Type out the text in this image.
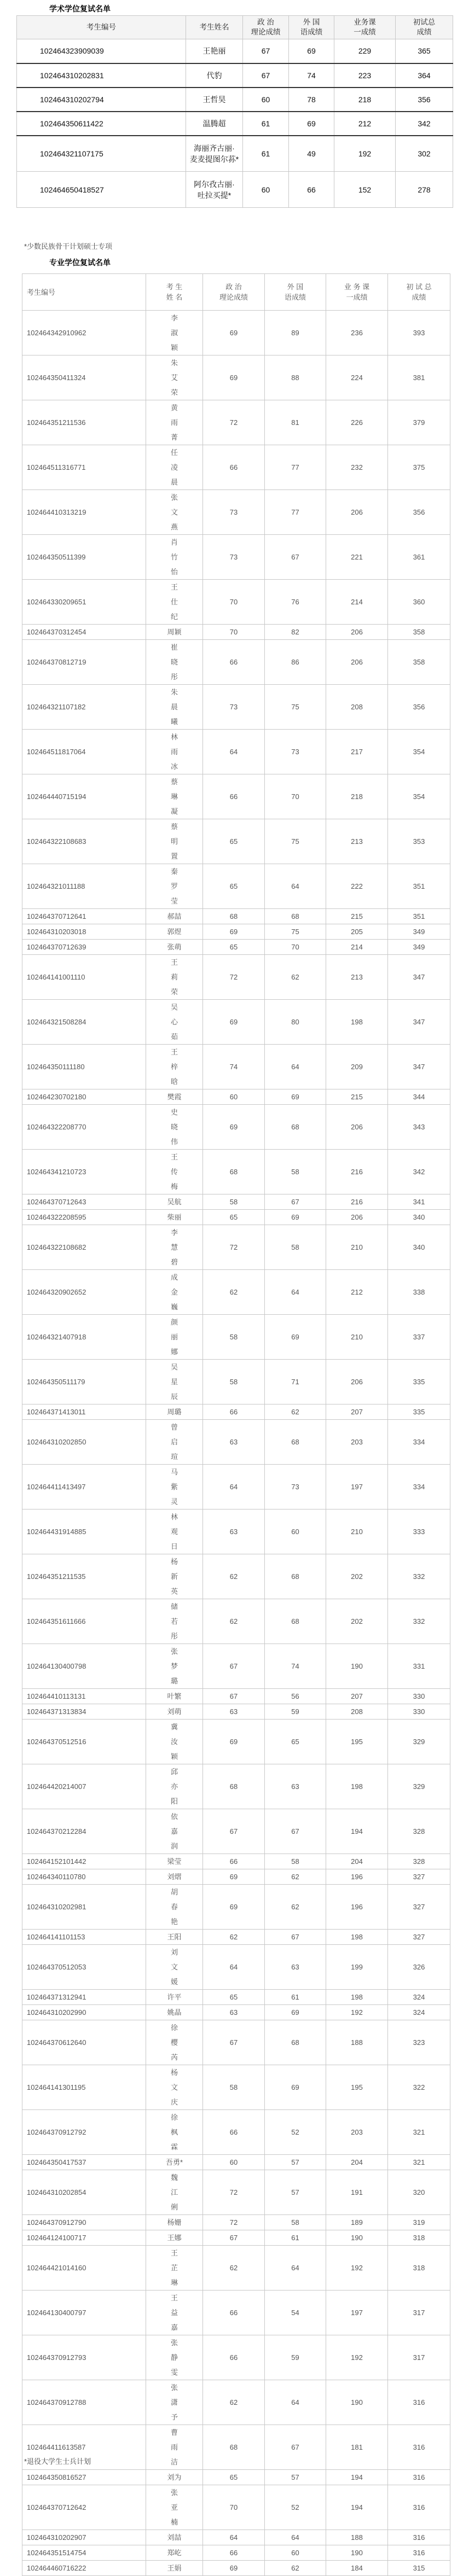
学术学位复试名单
考生编号	考生姓名	政 治
理论成绩	外 国
语成绩	业务课
一成绩	初试总
成绩
102464323909039	王艳丽	67	69	229	365
102464310202831	代豹	67	74	223	364
102464310202794	王哲昊	60	78	218	356
102464350611422	温腾超	61	69	212	342
102464321107175	海丽齐古丽·
麦麦提图尔荪*	61	49	192	302
102464650418527	阿尔孜古丽·
吐拉买提*	60	66	152	278

*少数民族骨干计划硕士专项

专业学位复试名单
考生编号	考 生
姓 名	政 治
理论成绩	外 国
语成绩	业 务 课
一成绩	初 试 总
成绩
102464342910962	李
淑
颖	69	89	236	393
102464350411324	朱
艾
荣	69	88	224	381
102464351211536	黄
雨
菁	72	81	226	379
102464511316771	任
凌
晨	66	77	232	375
102464410313219	张
文
燕	73	77	206	356
102464350511399	肖
竹
怡	73	67	221	361
102464330209651	王
仕
纪	70	76	214	360
102464370312454	周颖	70	82	206	358
102464370812719	崔
晓
彤	66	86	206	358
102464321107182	朱
晨
曦	73	75	208	356
102464511817064	林
雨
冰	64	73	217	354
102464440715194	蔡
琳
凝	66	70	218	354
102464322108683	蔡
明
置	65	75	213	353
102464321011188	秦
罗
莹	65	64	222	351
102464370712641	郝喆	68	68	215	351
102464310203018	郭煜	69	75	205	349
102464370712639	张萌	65	70	214	349
102464141001110	王
莉
荣	72	62	213	347
102464321508284	吴
心
茹	69	80	198	347
102464350111180	王
梓
晗	74	64	209	347
102464230702180	樊霞	60	69	215	344
102464322208770	史
晓
伟	69	68	206	343
102464341210723	王
传
梅	68	58	216	342
102464370712643	吴航	58	67	216	341
102464322208595	柴丽	65	69	206	340
102464322108682	李
慧
碧	72	58	210	340
102464320902652	成
金
巍	62	64	212	338
102464321407918	颜
丽
娜	58	69	210	337
102464350511179	吴
星
辰	58	71	206	335
102464371413011	周璐	66	62	207	335
102464310202850	曾
启
瑄	63	68	203	334
102464411413497	马
紫
灵	64	73	197	334
102464431914885	林
观
日	63	60	210	333
102464351211535	杨
新
英	62	68	202	332
102464351611666	储
若
彤	62	68	202	332
102464130400798	张
梦
璐	67	74	190	331
102464410113131	叶繁	67	56	207	330
102464371313834	刘萌	63	59	208	330
102464370512516	冀
汝
颖	69	65	195	329
102464420214007	邱
亦
阳	68	63	198	329
102464370212284	依
嘉
润	67	67	194	328
102464152101442	梁莹	66	58	204	328
102464340110780	刘熠	69	62	196	327
102464310202981	胡
春
艳	69	62	196	327
102464141101153	王阳	62	67	198	327
102464370512053	刘
文
媛	64	63	199	326
102464371312941	许平	65	61	198	324
102464310202990	姚晶	63	69	192	324
102464370612640	徐
樱
芮	67	68	188	323
102464141301195	杨
文
庆	58	69	195	322
102464370912792	徐
枫
霖	66	52	203	321
102464350417537	吾勇*	60	57	204	321
102464310202854	魏
江
俐	72	57	191	320
102464370912790	杨姗	72	58	189	319
102464124100717	王娜	67	61	190	318
102464421014160	王
芷
琳	62	64	192	318
102464130400797	王
益
嘉	66	54	197	317
102464370912793	张
静
雯	66	59	192	317
102464370912788	张
潇
予	62	64	190	316
102464411613587	曹
雨
洁	68	67	181	316
102464350816527	刘为	65	57	194	316
102464370712642	张
亚
楠	70	52	194	316
102464310202907	刘喆	64	64	188	316
102464351514754	郑屹	66	60	190	316
102464460716222	王娟	69	62	184	315

*退役大学生士兵计划
